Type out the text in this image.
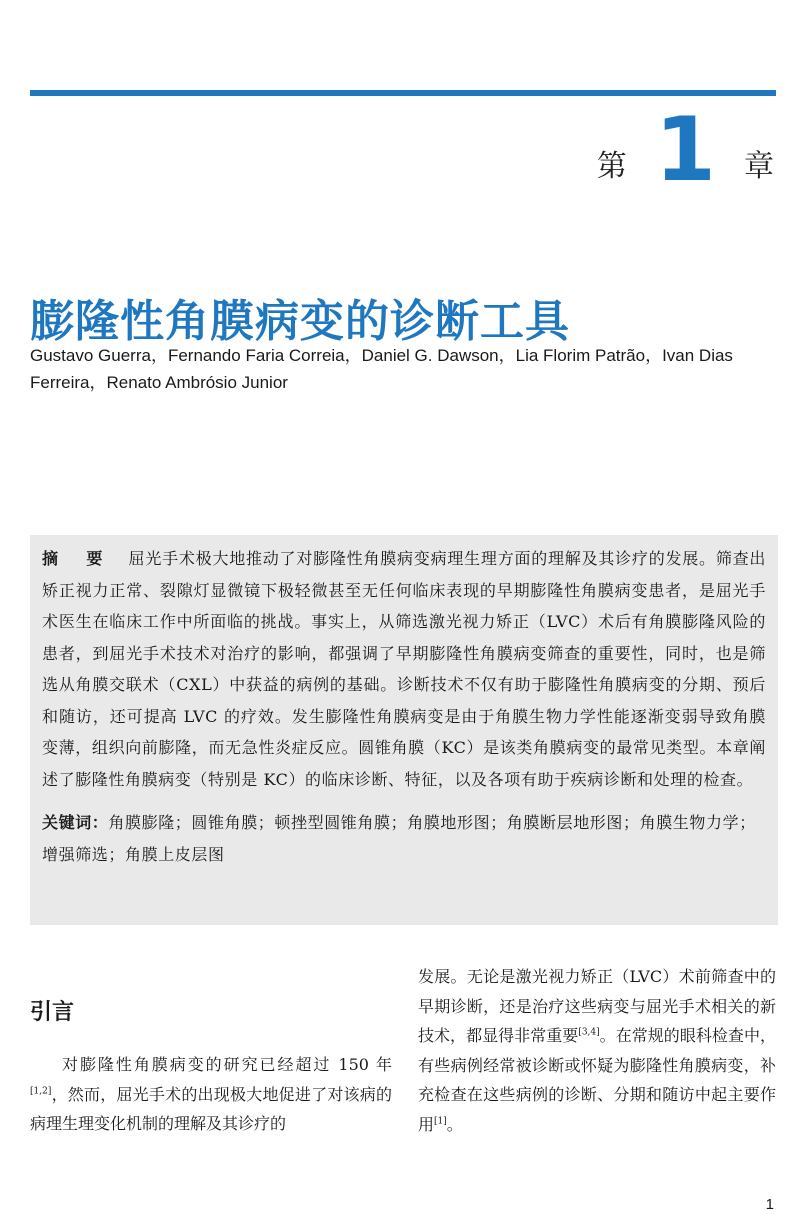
第 1 章
膨隆性角膜病变的诊断工具
Gustavo Guerra，Fernando Faria Correia，Daniel G. Dawson，Lia Florim Patrão，Ivan Dias Ferreira，Renato Ambrósio Junior
摘　要 屈光手术极大地推动了对膨隆性角膜病变病理生理方面的理解及其诊疗的发展。筛查出矫正视力正常、裂隙灯显微镜下极轻微甚至无任何临床表现的早期膨隆性角膜病变患者，是屈光手术医生在临床工作中所面临的挑战。事实上，从筛选激光视力矫正（LVC）术后有角膜膨隆风险的患者，到屈光手术技术对治疗的影响，都强调了早期膨隆性角膜病变筛查的重要性，同时，也是筛选从角膜交联术（CXL）中获益的病例的基础。诊断技术不仅有助于膨隆性角膜病变的分期、预后和随访，还可提高 LVC 的疗效。发生膨隆性角膜病变是由于角膜生物力学性能逐渐变弱导致角膜变薄，组织向前膨隆，而无急性炎症反应。圆锥角膜（KC）是该类角膜病变的最常见类型。本章阐述了膨隆性角膜病变（特别是 KC）的临床诊断、特征，以及各项有助于疾病诊断和处理的检查。
关键词：角膜膨隆；圆锥角膜；顿挫型圆锥角膜；角膜地形图；角膜断层地形图；角膜生物力学；增强筛选；角膜上皮层图
引言

对膨隆性角膜病变的研究已经超过 150 年[1,2]，然而，屈光手术的出现极大地促进了对该病的病理生理变化机制的理解及其诊疗的

发展。无论是激光视力矫正（LVC）术前筛查中的早期诊断，还是治疗这些病变与屈光手术相关的新技术，都显得非常重要[3,4]。在常规的眼科检查中，有些病例经常被诊断或怀疑为膨隆性角膜病变，补充检查在这些病例的诊断、分期和随访中起主要作用[1]。

1
